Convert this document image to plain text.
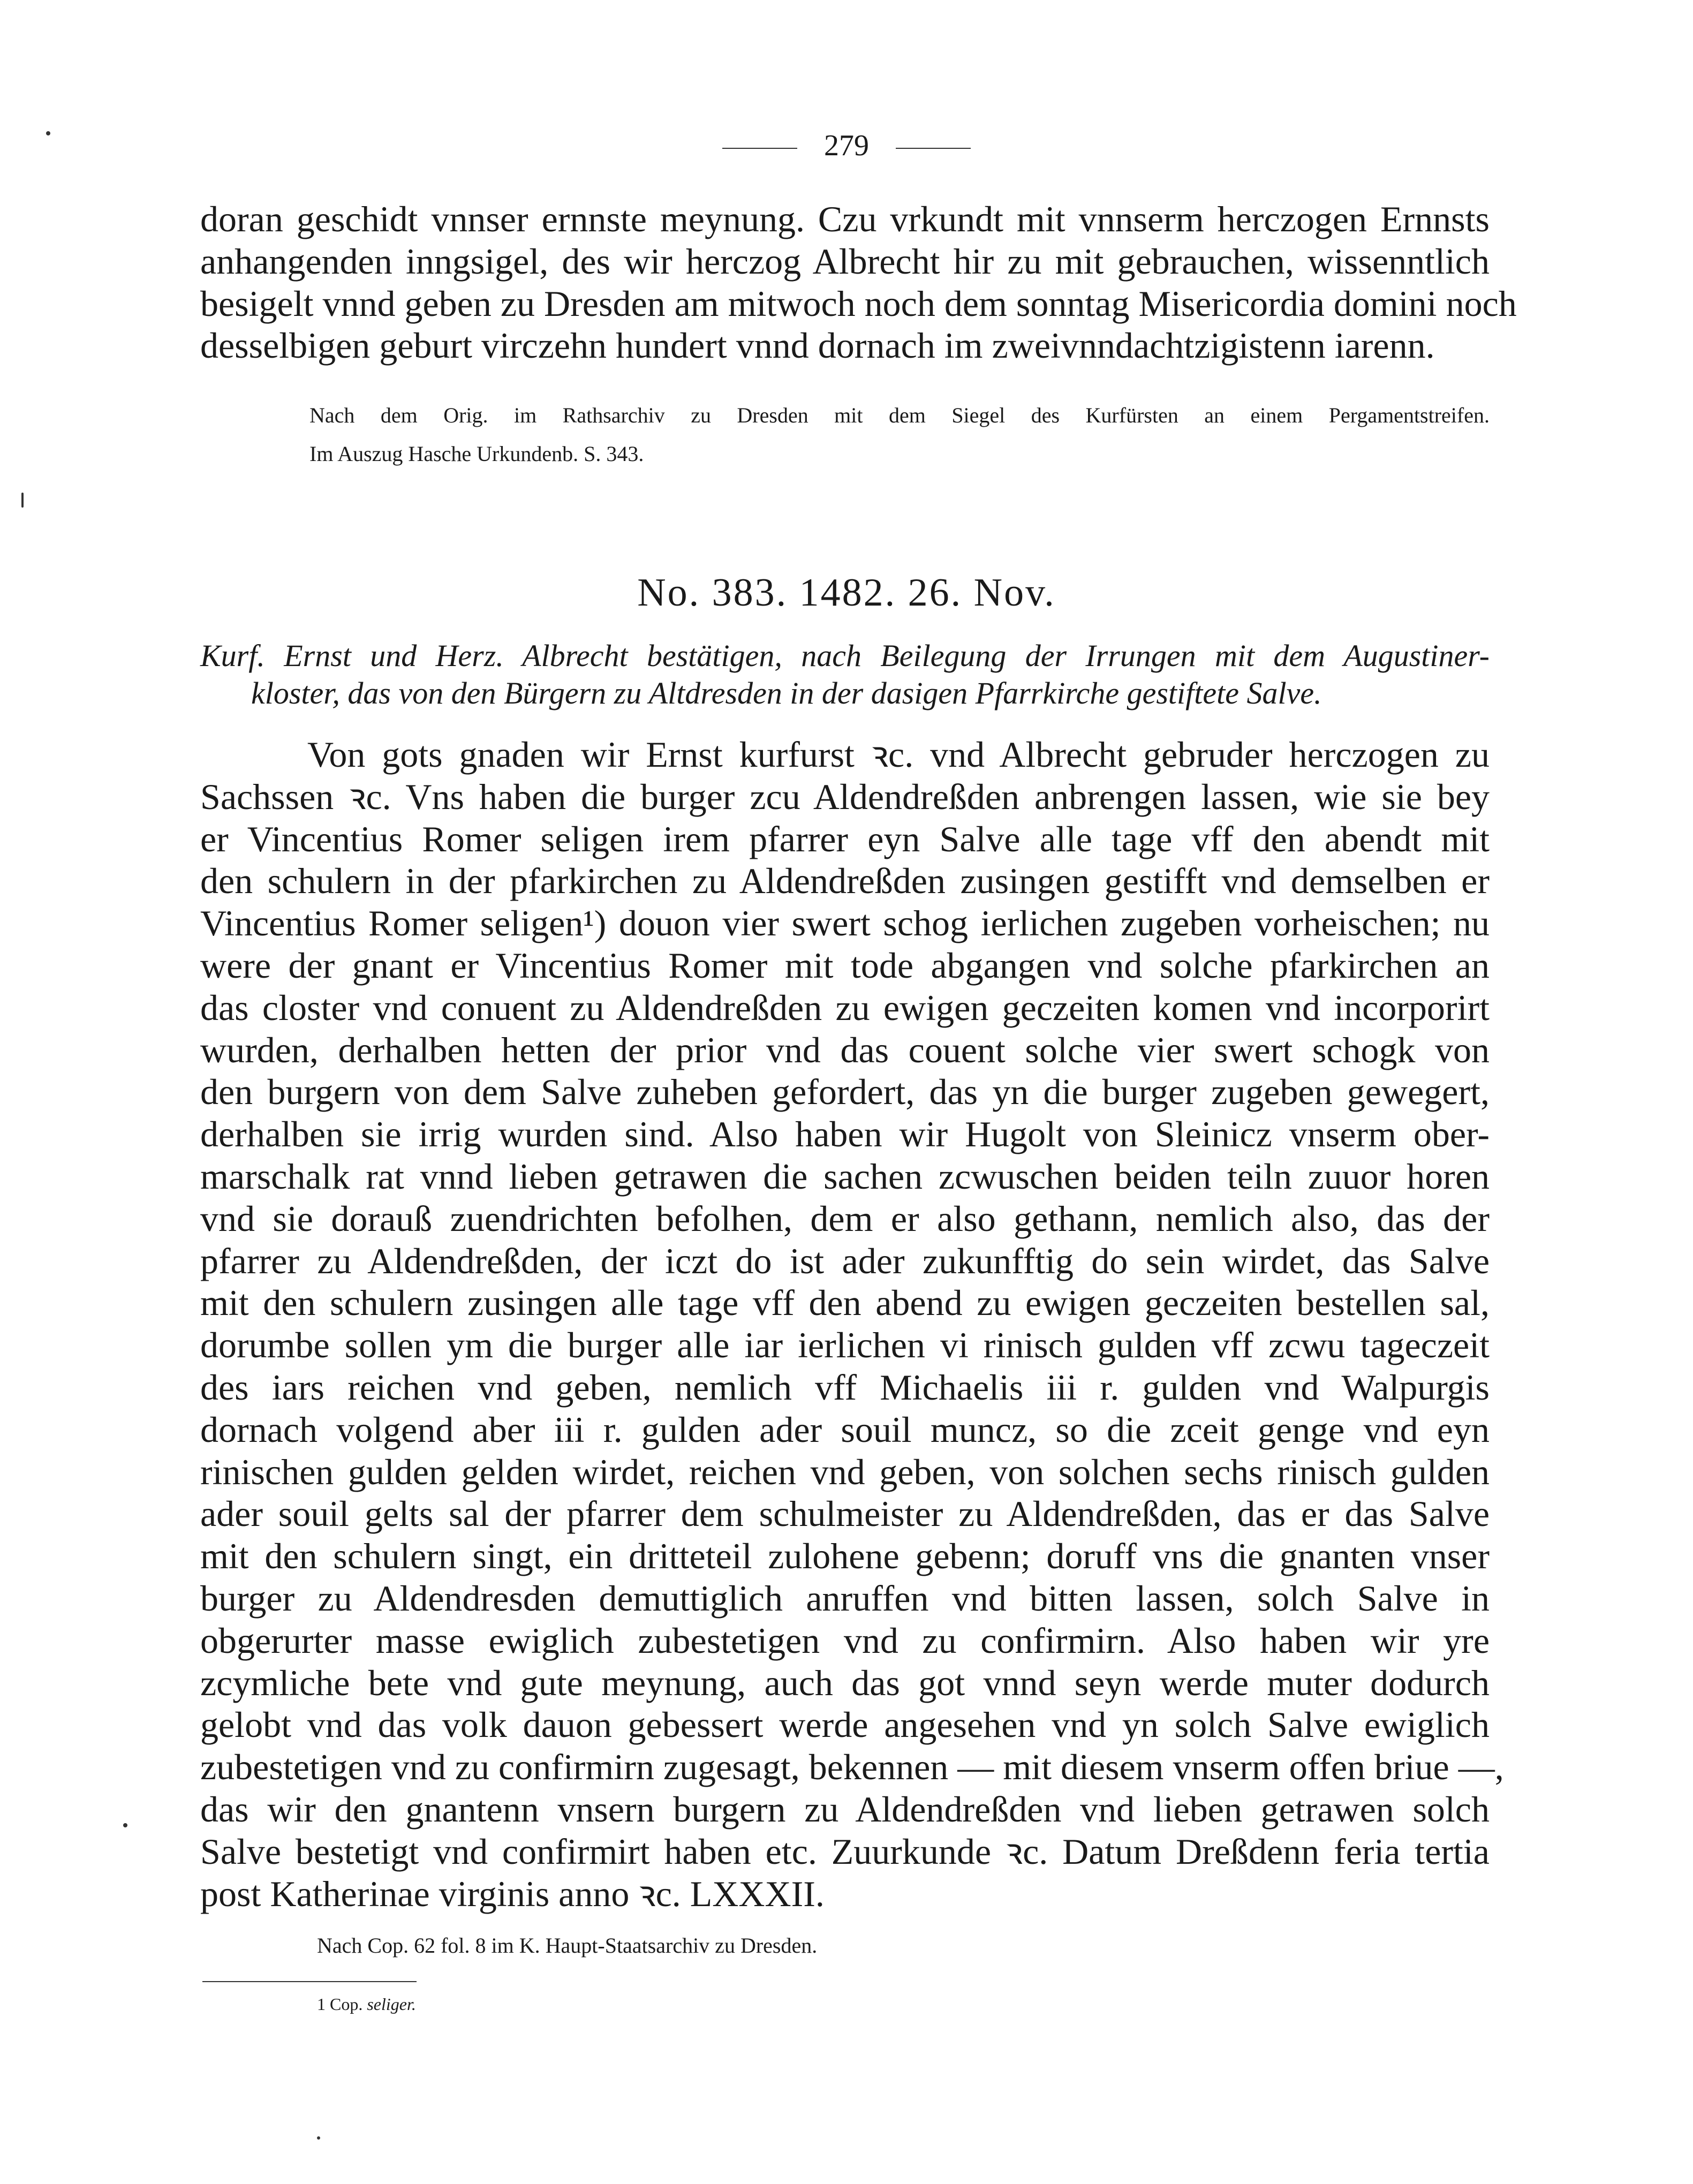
279
doran geschidt vnnser ernnste meynung. Czu vrkundt mit vnnserm herczogen Ernnsts
anhangenden inngsigel, des wir herczog Albrecht hir zu mit gebrauchen, wissenntlich
besigelt vnnd geben zu Dresden am mitwoch noch dem sonntag Misericordia domini noch
desselbigen geburt virczehn hundert vnnd dornach im zweivnndachtzigistenn iarenn.
Nach dem Orig. im Rathsarchiv zu Dresden mit dem Siegel des Kurfürsten an einem Pergamentstreifen.
Im Auszug Hasche Urkundenb. S. 343.
No. 383. 1482. 26. Nov.
Kurf. Ernst und Herz. Albrecht bestätigen, nach Beilegung der Irrungen mit dem Augustiner-
kloster, das von den Bürgern zu Altdresden in der dasigen Pfarrkirche gestiftete Salve.
Von gots gnaden wir Ernst kurfurst ꝛc. vnd Albrecht gebruder herczogen zu
Sachssen ꝛc. Vns haben die burger zcu Aldendreßden anbrengen lassen, wie sie bey
er Vincentius Romer seligen irem pfarrer eyn Salve alle tage vff den abendt mit
den schulern in der pfarkirchen zu Aldendreßden zusingen gestifft vnd demselben er
Vincentius Romer seligen¹) douon vier swert schog ierlichen zugeben vorheischen; nu
were der gnant er Vincentius Romer mit tode abgangen vnd solche pfarkirchen an
das closter vnd conuent zu Aldendreßden zu ewigen geczeiten komen vnd incorporirt
wurden, derhalben hetten der prior vnd das couent solche vier swert schogk von
den burgern von dem Salve zuheben gefordert, das yn die burger zugeben gewegert,
derhalben sie irrig wurden sind. Also haben wir Hugolt von Sleinicz vnserm ober-
marschalk rat vnnd lieben getrawen die sachen zcwuschen beiden teiln zuuor horen
vnd sie dorauß zuendrichten befolhen, dem er also gethann, nemlich also, das der
pfarrer zu Aldendreßden, der iczt do ist ader zukunfftig do sein wirdet, das Salve
mit den schulern zusingen alle tage vff den abend zu ewigen geczeiten bestellen sal,
dorumbe sollen ym die burger alle iar ierlichen vi rinisch gulden vff zcwu tageczeit
des iars reichen vnd geben, nemlich vff Michaelis iii r. gulden vnd Walpurgis
dornach volgend aber iii r. gulden ader souil muncz, so die zceit genge vnd eyn
rinischen gulden gelden wirdet, reichen vnd geben, von solchen sechs rinisch gulden
ader souil gelts sal der pfarrer dem schulmeister zu Aldendreßden, das er das Salve
mit den schulern singt, ein dritteteil zulohene gebenn; doruff vns die gnanten vnser
burger zu Aldendresden demuttiglich anruffen vnd bitten lassen, solch Salve in
obgerurter masse ewiglich zubestetigen vnd zu confirmirn. Also haben wir yre
zcymliche bete vnd gute meynung, auch das got vnnd seyn werde muter dodurch
gelobt vnd das volk dauon gebessert werde angesehen vnd yn solch Salve ewiglich
zubestetigen vnd zu confirmirn zugesagt, bekennen — mit diesem vnserm offen briue —,
das wir den gnantenn vnsern burgern zu Aldendreßden vnd lieben getrawen solch
Salve bestetigt vnd confirmirt haben etc. Zuurkunde ꝛc. Datum Dreßdenn feria tertia
post Katherinae virginis anno ꝛc. LXXXII.
Nach Cop. 62 fol. 8 im K. Haupt-Staatsarchiv zu Dresden.
1 Cop. seliger.
